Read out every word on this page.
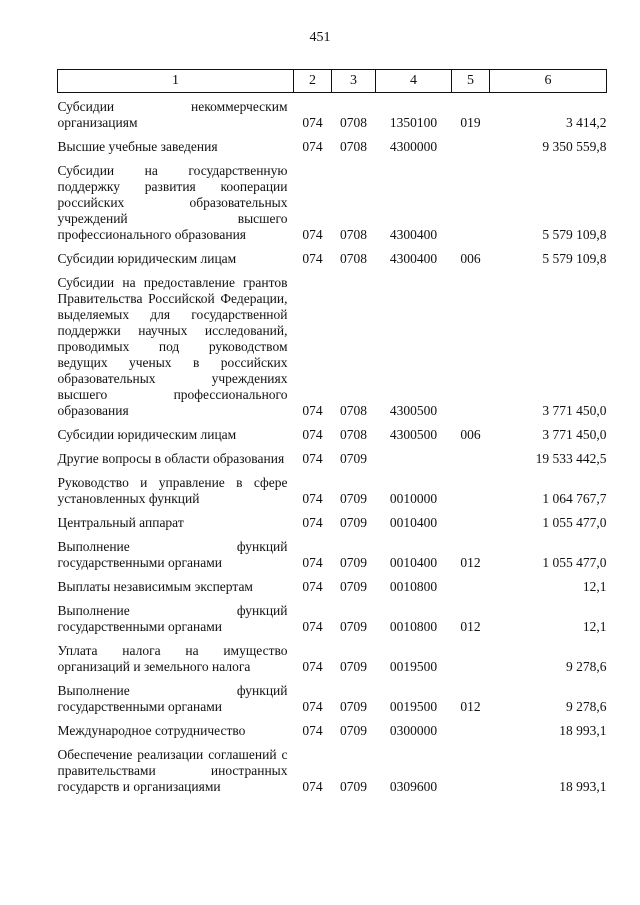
451
1	2	3	4	5	6
Субсидии некоммерческим организациям	074	0708	1350100	019	3 414,2
Высшие учебные заведения	074	0708	4300000		9 350 559,8
Субсидии на государственную поддержку развития кооперации российских образовательных учреждений высшего профессионального образования	074	0708	4300400		5 579 109,8
Субсидии юридическим лицам	074	0708	4300400	006	5 579 109,8
Субсидии на предоставление грантов Правительства Российской Федерации, выделяемых для государственной поддержки научных исследований, проводимых под руководством ведущих ученых в российских образовательных учреждениях высшего профессионального образования	074	0708	4300500		3 771 450,0
Субсидии юридическим лицам	074	0708	4300500	006	3 771 450,0
Другие вопросы в области образования	074	0709			19 533 442,5
Руководство и управление в сфере установленных функций	074	0709	0010000		1 064 767,7
Центральный аппарат	074	0709	0010400		1 055 477,0
Выполнение функций государственными органами	074	0709	0010400	012	1 055 477,0
Выплаты независимым экспертам	074	0709	0010800		12,1
Выполнение функций государственными органами	074	0709	0010800	012	12,1
Уплата налога на имущество организаций и земельного налога	074	0709	0019500		9 278,6
Выполнение функций государственными органами	074	0709	0019500	012	9 278,6
Международное сотрудничество	074	0709	0300000		18 993,1
Обеспечение реализации соглашений с правительствами иностранных государств и организациями	074	0709	0309600		18 993,1
